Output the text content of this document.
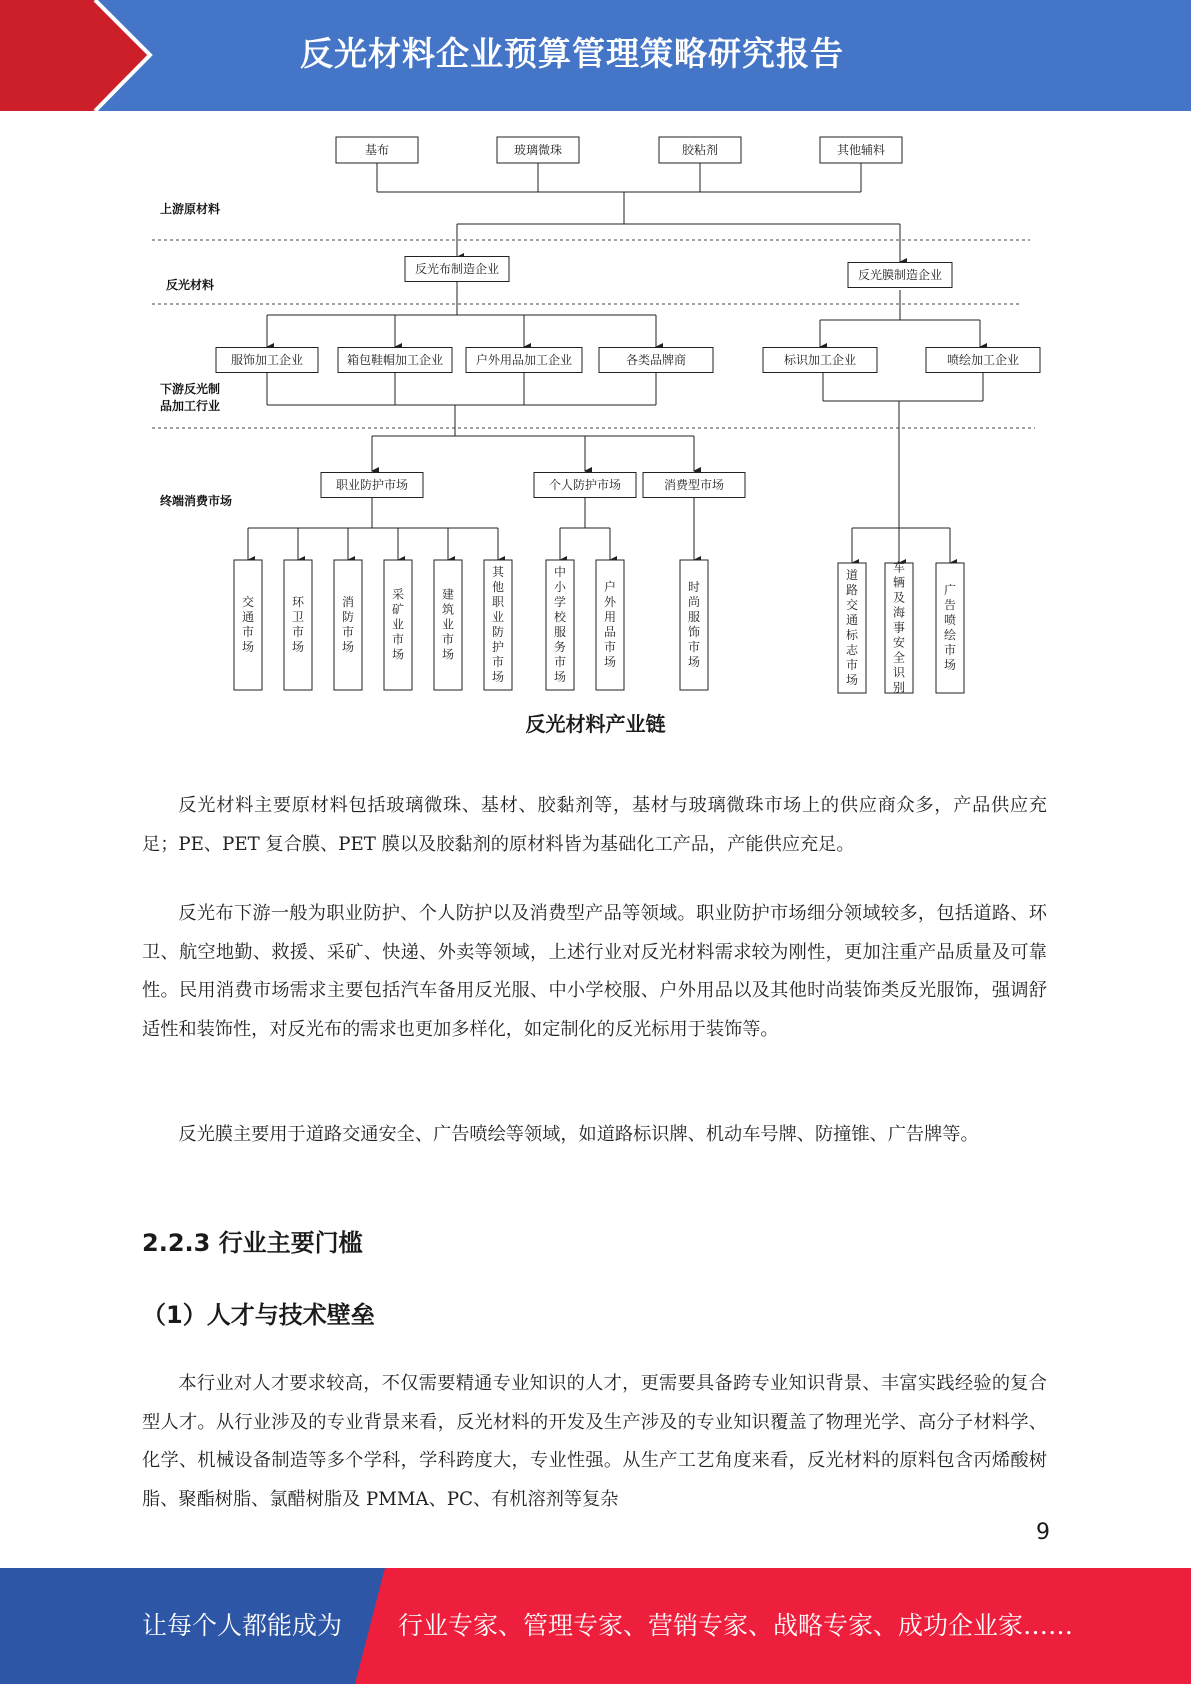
反光材料企业预算管理策略研究报告
上游原材料
反光材料
下游反光制
品加工行业
终端消费市场
基布	玻璃微珠	胶粘剂	其他辅料
反光布制造企业	反光膜制造企业
服饰加工企业	箱包鞋帽加工企业	户外用品加工企业	各类品牌商	标识加工企业	喷绘加工企业
职业防护市场	个人防护市场	消费型市场
交
通
市
场
环
卫
市
场
消
防
市
场
采
矿
业
市
场
建
筑
业
市
场
其
他
职
业
防
护
市
场
中
小
学
校
服
务
市
场
户
外
用
品
市
场
时
尚
服
饰
市
场
道
路
交
通
标
志
市
场
车
辆
及
海
事
安
全
识
别
广
告
喷
绘
市
场
反光材料产业链

反光材料主要原材料包括玻璃微珠、基材、胶黏剂等，基材与玻璃微珠市场上的供应商众多，产品供应充足；PE、PET 复合膜、PET 膜以及胶黏剂的原材料皆为基础化工产品，产能供应充足。

反光布下游一般为职业防护、个人防护以及消费型产品等领域。职业防护市场细分领域较多，包括道路、环卫、航空地勤、救援、采矿、快递、外卖等领域，上述行业对反光材料需求较为刚性，更加注重产品质量及可靠性。民用消费市场需求主要包括汽车备用反光服、中小学校服、户外用品以及其他时尚装饰类反光服饰，强调舒适性和装饰性，对反光布的需求也更加多样化，如定制化的反光标用于装饰等。

反光膜主要用于道路交通安全、广告喷绘等领域，如道路标识牌、机动车号牌、防撞锥、广告牌等。

2.2.3 行业主要门槛
（1）人才与技术壁垒

本行业对人才要求较高，不仅需要精通专业知识的人才，更需要具备跨专业知识背景、丰富实践经验的复合型人才。从行业涉及的专业背景来看，反光材料的开发及生产涉及的专业知识覆盖了物理光学、高分子材料学、化学、机械设备制造等多个学科，学科跨度大，专业性强。从生产工艺角度来看，反光材料的原料包含丙烯酸树脂、聚酯树脂、氯醋树脂及 PMMA、PC、有机溶剂等复杂

9
让每个人都能成为 行业专家、管理专家、营销专家、战略专家、成功企业家……
